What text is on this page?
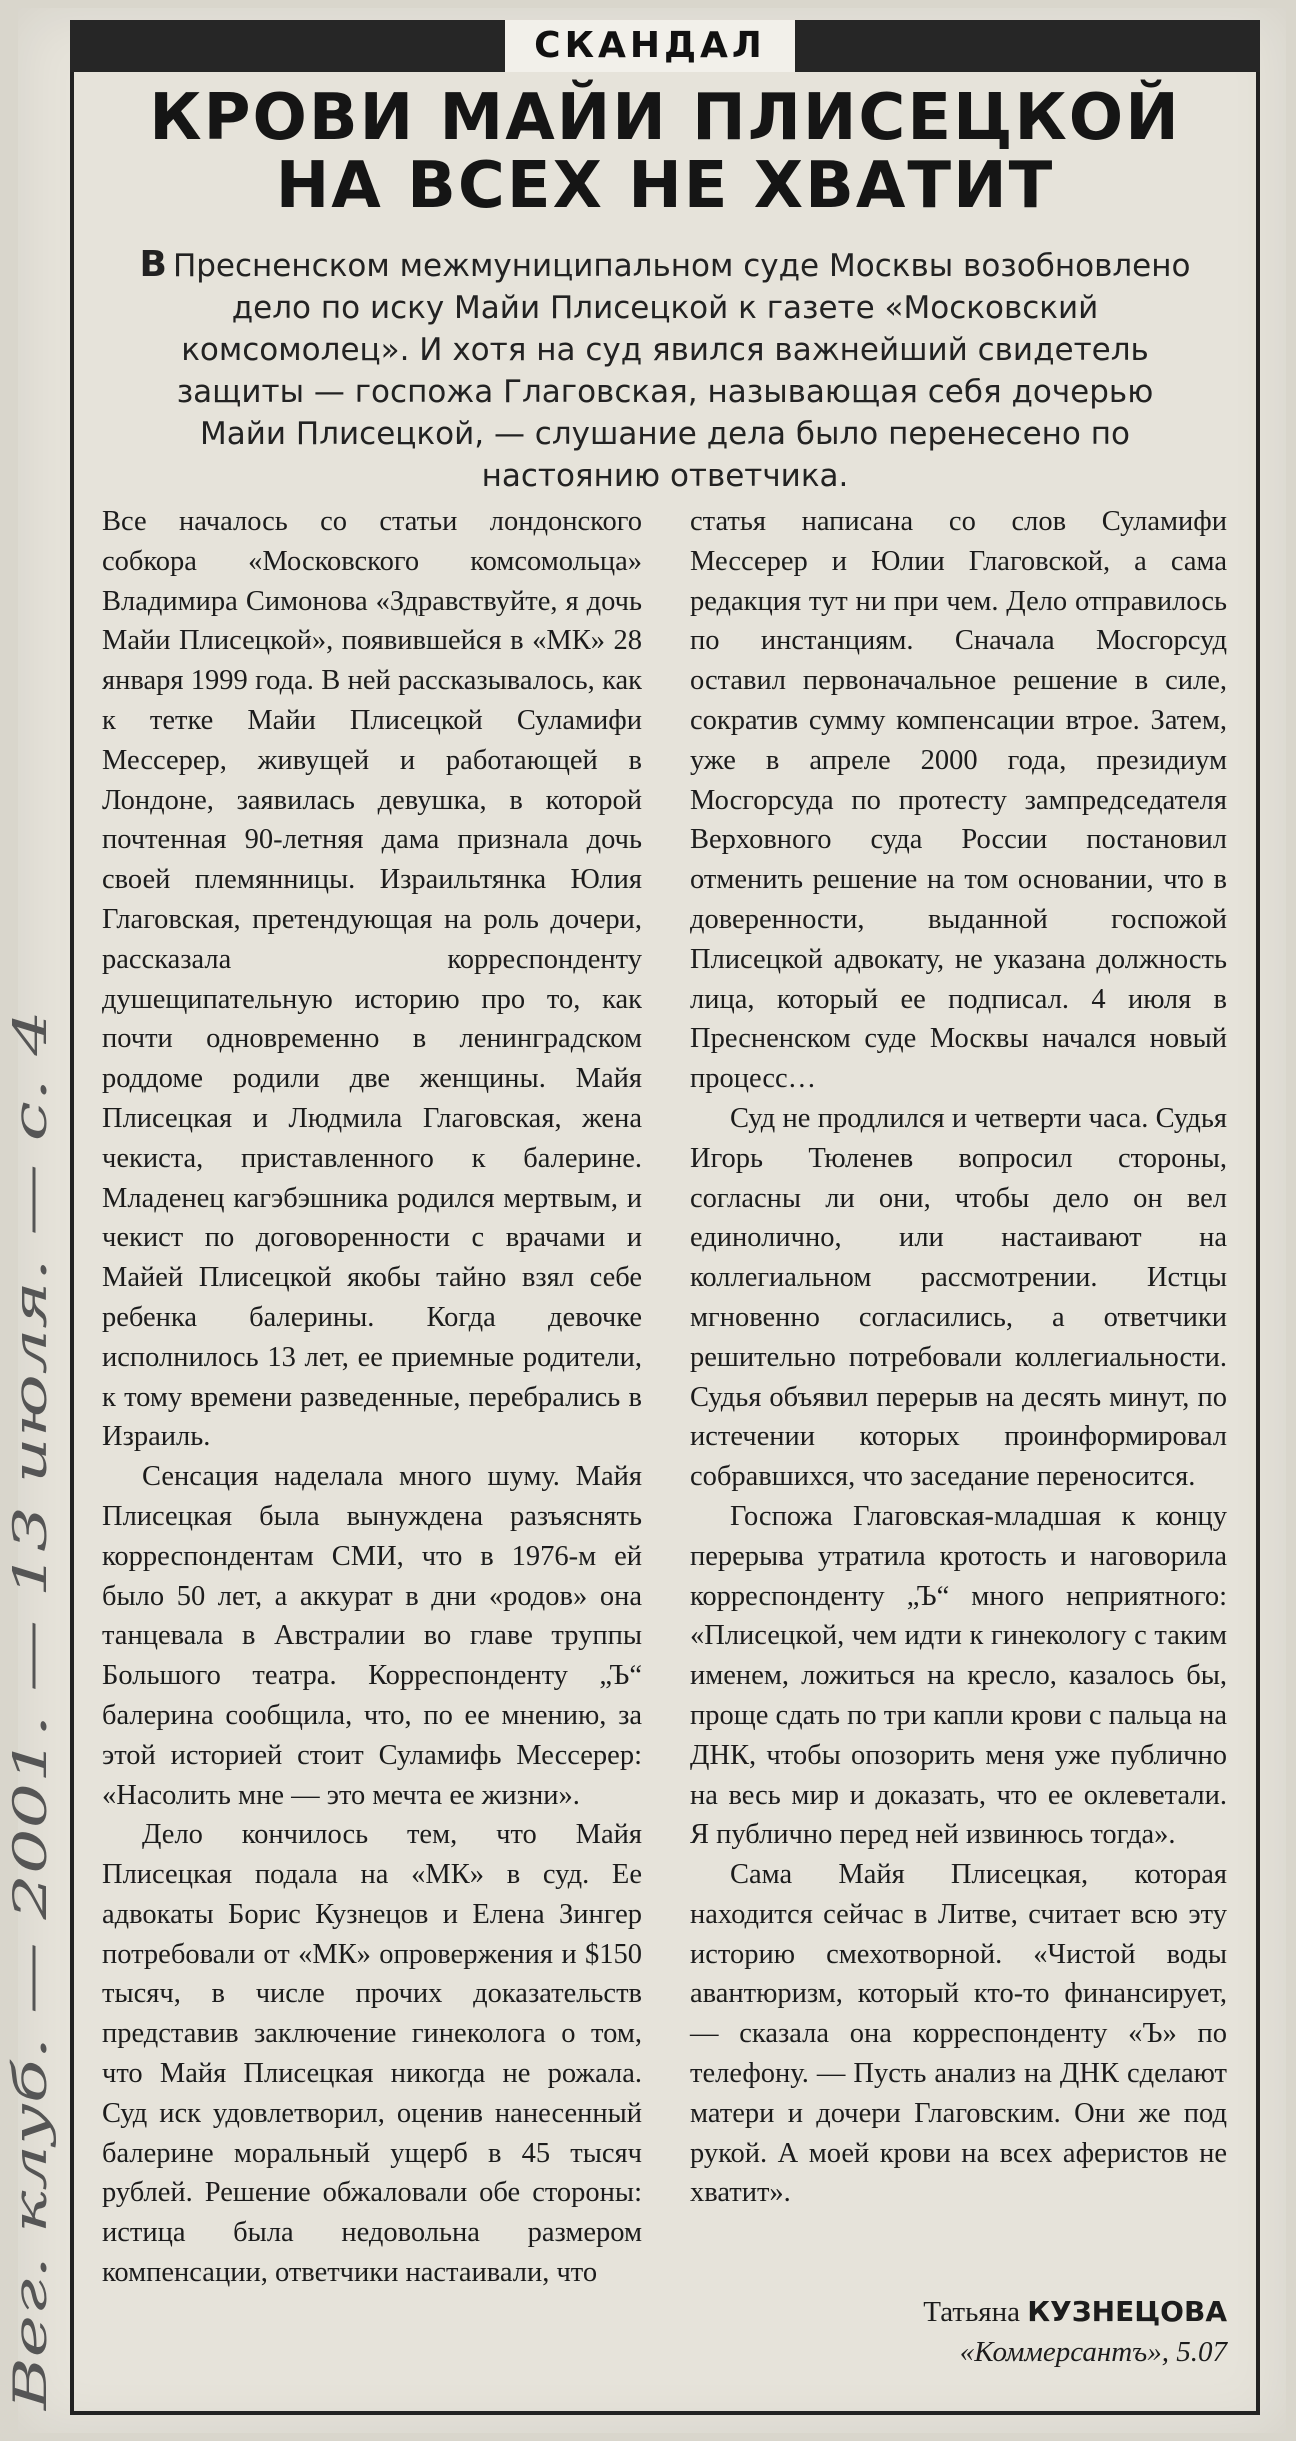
СКАНДАЛ
КРОВИ МАЙИ ПЛИСЕЦКОЙ
НА ВСЕХ НЕ ХВАТИТ
В Пресненском межмуниципальном суде Москвы возобновлено дело по иску Майи Плисецкой к газете «Московский комсомолец». И хотя на суд явился важнейший свидетель защиты — госпожа Глаговская, называющая себя дочерью Майи Плисецкой, — слушание дела было перенесено по настоянию ответчика.

Все началось со статьи лондонского собкора «Московского комсомольца» Владимира Симонова «Здравствуйте, я дочь Майи Плисецкой», появившейся в «МК» 28 января 1999 года. В ней рассказывалось, как к тетке Майи Плисецкой Суламифи Мессерер, живущей и работающей в Лондоне, заявилась девушка, в которой почтенная 90-летняя дама признала дочь своей племянницы. Израильтянка Юлия Глаговская, претендующая на роль дочери, рассказала корреспонденту душещипательную историю про то, как почти одновременно в ленинградском роддоме родили две женщины. Майя Плисецкая и Людмила Глаговская, жена чекиста, приставленного к балерине. Младенец кагэбэшника родился мертвым, и чекист по договоренности с врачами и Майей Плисецкой якобы тайно взял себе ребенка балерины. Когда девочке исполнилось 13 лет, ее приемные родители, к тому времени разведенные, перебрались в Израиль.

Сенсация наделала много шуму. Майя Плисецкая была вынуждена разъяснять корреспондентам СМИ, что в 1976-м ей было 50 лет, а аккурат в дни «родов» она танцевала в Австралии во главе труппы Большого театра. Корреспонденту „Ъ“ балерина сообщила, что, по ее мнению, за этой историей стоит Суламифь Мессерер: «Насолить мне — это мечта ее жизни».

Дело кончилось тем, что Майя Плисецкая подала на «МК» в суд. Ее адвокаты Борис Кузнецов и Елена Зингер потребовали от «МК» опровержения и $150 тысяч, в числе прочих доказательств представив заключение гинеколога о том, что Майя Плисецкая никогда не рожала. Суд иск удовлетворил, оценив нанесенный балерине моральный ущерб в 45 тысяч рублей. Решение обжаловали обе стороны: истица была недовольна размером компенсации, ответчики настаивали, что

статья написана со слов Суламифи Мессерер и Юлии Глаговской, а сама редакция тут ни при чем. Дело отправилось по инстанциям. Сначала Мосгорсуд оставил первоначальное решение в силе, сократив сумму компенсации втрое. Затем, уже в апреле 2000 года, президиум Мосгорсуда по протесту зампредседателя Верховного суда России постановил отменить решение на том основании, что в доверенности, выданной госпожой Плисецкой адвокату, не указана должность лица, который ее подписал. 4 июля в Пресненском суде Москвы начался новый процесс…

Суд не продлился и четверти часа. Судья Игорь Тюленев вопросил стороны, согласны ли они, чтобы дело он вел единолично, или настаивают на коллегиальном рассмотрении. Истцы мгновенно согласились, а ответчики решительно потребовали коллегиальности. Судья объявил перерыв на десять минут, по истечении которых проинформировал собравшихся, что заседание переносится.

Госпожа Глаговская-младшая к концу перерыва утратила кротость и наговорила корреспонденту „Ъ“ много неприятного: «Плисецкой, чем идти к гинекологу с таким именем, ложиться на кресло, казалось бы, проще сдать по три капли крови с пальца на ДНК, чтобы опозорить меня уже публично на весь мир и доказать, что ее оклеветали. Я публично перед ней извинюсь тогда».

Сама Майя Плисецкая, которая находится сейчас в Литве, считает всю эту историю смехотворной. «Чистой воды авантюризм, который кто-то финансирует, — сказала она корреспонденту «Ъ» по телефону. — Пусть анализ на ДНК сделают матери и дочери Глаговским. Они же под рукой. А моей крови на всех аферистов не хватит».

Татьяна КУЗНЕЦОВА
«Коммерсантъ», 5.07
Вег. клуб. — 2001. — 13 июля. — с. 4
